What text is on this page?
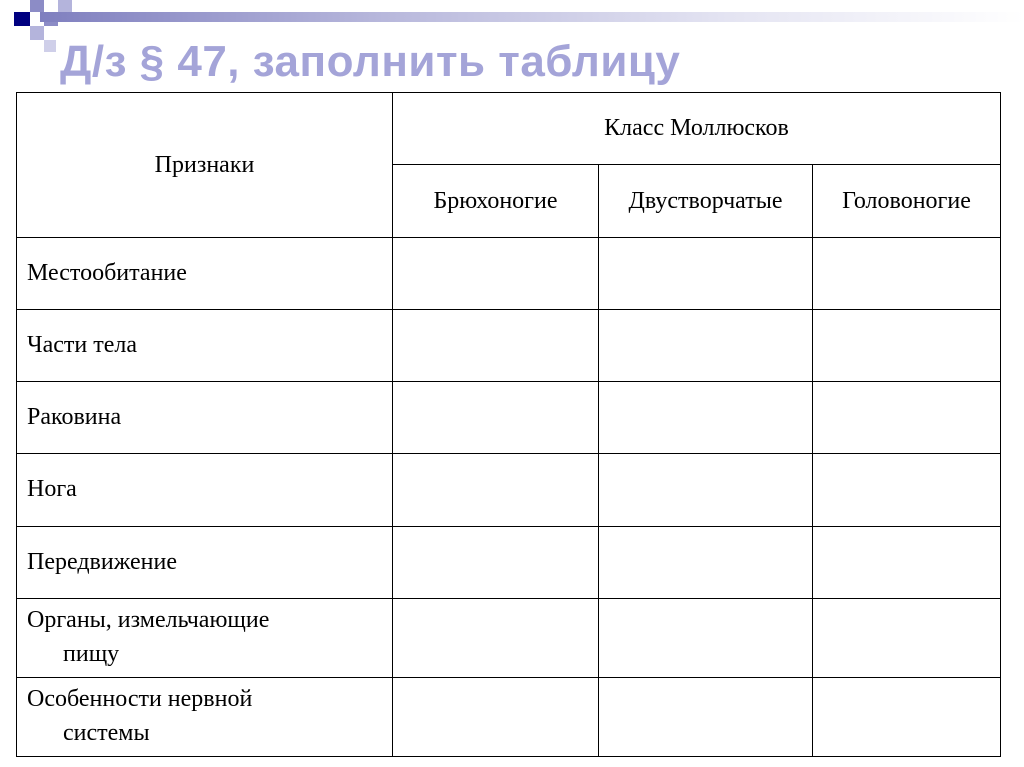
Д/з § 47, заполнить таблицу
Признаки	Класс Моллюсков		
	Брюхоногие	Двустворчатые	Головоногие
Местообитание			
Части тела			
Раковина			
Нога			
Передвижение			
Органы, измельчающие
пищу			

Особенности нервной
системы			
